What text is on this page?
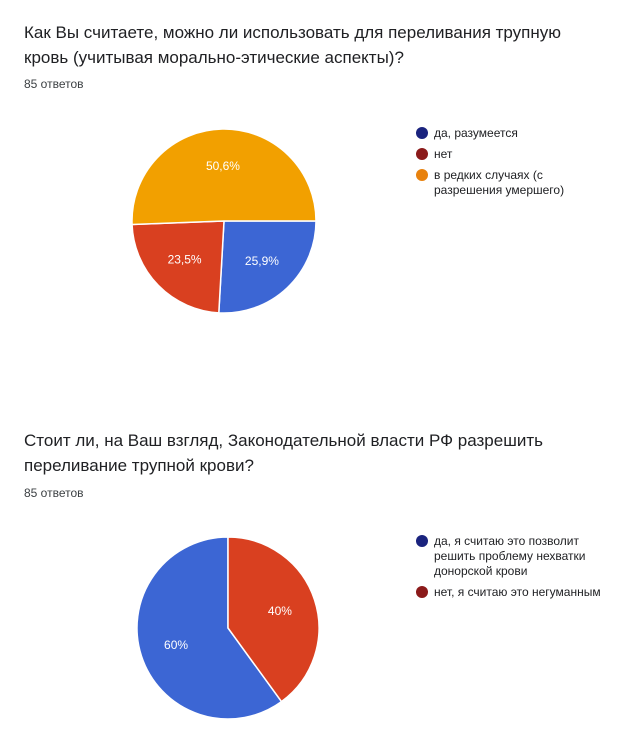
Как Вы считаете, можно ли использовать для переливания трупную кровь (учитывая морально-этические аспекты)?
85 ответов
25,9%
23,5%
50,6%
да, разумеется
нет
в редких случаях (с разрешения умершего)
Стоит ли, на Ваш взгляд, Законодательной власти РФ разрешить переливание трупной крови?
85 ответов
60%
40%
да, я считаю это позволит решить проблему нехватки донорской крови
нет, я считаю это негуманным
